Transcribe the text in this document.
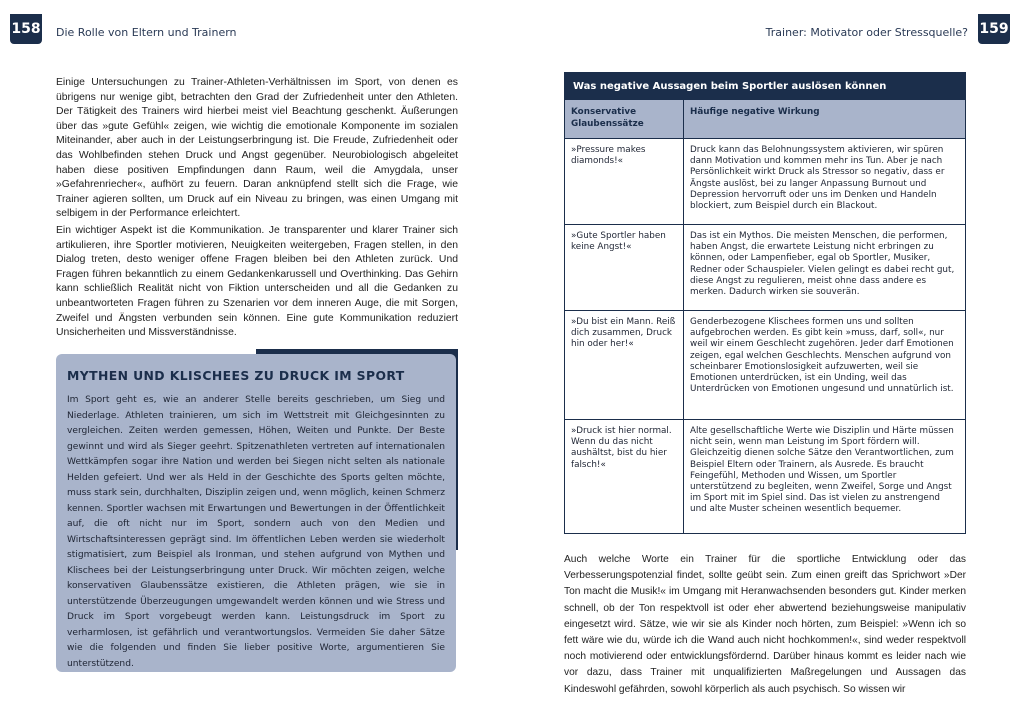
158 Die Rolle von Eltern und Trainern	Trainer: Motivator oder Stressquelle? 159

Einige Untersuchungen zu Trainer-Athleten-Verhältnissen im Sport, von denen es übrigens nur wenige gibt, betrachten den Grad der Zufriedenheit unter den Athleten. Der Tätigkeit des Trainers wird hierbei meist viel Beachtung geschenkt. Äußerungen über das »gute Gefühl« zeigen, wie wichtig die emotionale Komponente im sozialen Miteinander, aber auch in der Leistungserbringung ist. Die Freude, Zufriedenheit oder das Wohlbefinden stehen Druck und Angst gegenüber. Neurobiologisch abgeleitet haben diese positiven Empfindungen dann Raum, weil die Amygdala, unser »Gefahrenriecher«, aufhört zu feuern. Daran anknüpfend stellt sich die Frage, wie Trainer agieren sollten, um Druck auf ein Niveau zu bringen, was einen Umgang mit selbigem in der Performance erleichtert.

Ein wichtiger Aspekt ist die Kommunikation. Je transparenter und klarer Trainer sich artikulieren, ihre Sportler motivieren, Neuigkeiten weitergeben, Fragen stellen, in den Dialog treten, desto weniger offene Fragen bleiben bei den Athleten zurück. Und Fragen führen bekanntlich zu einem Gedankenkarussell und Overthinking. Das Gehirn kann schließlich Realität nicht von Fiktion unterscheiden und all die Gedanken zu unbeantworteten Fragen führen zu Szenarien vor dem inneren Auge, die mit Sorgen, Zweifel und Ängsten verbunden sein können. Eine gute Kommunikation reduziert Unsicherheiten und Missverständnisse.

MYTHEN UND KLISCHEES ZU DRUCK IM SPORT

Im Sport geht es, wie an anderer Stelle bereits geschrieben, um Sieg und Niederlage. Athleten trainieren, um sich im Wettstreit mit Gleichgesinnten zu vergleichen. Zeiten werden gemessen, Höhen, Weiten und Punkte. Der Beste gewinnt und wird als Sieger geehrt. Spitzenathleten vertreten auf internationalen Wettkämpfen sogar ihre Nation und werden bei Siegen nicht selten als nationale Helden gefeiert. Und wer als Held in der Geschichte des Sports gelten möchte, muss stark sein, durchhalten, Disziplin zeigen und, wenn möglich, keinen Schmerz kennen. Sportler wachsen mit Erwartungen und Bewertungen in der Öffentlichkeit auf, die oft nicht nur im Sport, sondern auch von den Medien und Wirtschaftsinteressen geprägt sind. Im öffentlichen Leben werden sie wiederholt stigmatisiert, zum Beispiel als Ironman, und stehen aufgrund von Mythen und Klischees bei der Leistungserbringung unter Druck. Wir möchten zeigen, welche konservativen Glaubenssätze existieren, die Athleten prägen, wie sie in unterstützende Überzeugungen umgewandelt werden können und wie Stress und Druck im Sport vorgebeugt werden kann. Leistungsdruck im Sport zu verharmlosen, ist gefährlich und verantwortungslos. Vermeiden Sie daher Sätze wie die folgenden und finden Sie lieber positive Worte, argumentieren Sie unterstützend.

Was negative Aussagen beim Sportler auslösen können
Konservative Glaubenssätze
Häufige negative Wirkung
»Pressure makes diamonds!«
Druck kann das Belohnungssystem aktivieren, wir spüren dann Motivation und kommen mehr ins Tun. Aber je nach Persönlichkeit wirkt Druck als Stressor so negativ, dass er Ängste auslöst, bei zu langer Anpassung Burnout und Depression hervorruft oder uns im Denken und Handeln blockiert, zum Beispiel durch ein Blackout.
»Gute Sportler haben keine Angst!«
Das ist ein Mythos. Die meisten Menschen, die performen, haben Angst, die erwartete Leistung nicht erbringen zu können, oder Lampenfieber, egal ob Sportler, Musiker, Redner oder Schauspieler. Vielen gelingt es dabei recht gut, diese Angst zu regulieren, meist ohne dass andere es merken. Dadurch wirken sie souverän.
»Du bist ein Mann. Reiß dich zusammen, Druck hin oder her!«
Genderbezogene Klischees formen uns und sollten aufgebrochen werden. Es gibt kein »muss, darf, soll«, nur weil wir einem Geschlecht zugehören. Jeder darf Emotionen zeigen, egal welchen Geschlechts. Menschen aufgrund von scheinbarer Emotionslosigkeit aufzuwerten, weil sie Emotionen unterdrücken, ist ein Unding, weil das Unterdrücken von Emotionen ungesund und unnatürlich ist.
»Druck ist hier normal. Wenn du das nicht aushältst, bist du hier falsch!«
Alte gesellschaftliche Werte wie Disziplin und Härte müssen nicht sein, wenn man Leistung im Sport fördern will. Gleichzeitig dienen solche Sätze den Verantwortlichen, zum Beispiel Eltern oder Trainern, als Ausrede. Es braucht Feingefühl, Methoden und Wissen, um Sportler unterstützend zu begleiten, wenn Zweifel, Sorge und Angst im Sport mit im Spiel sind. Das ist vielen zu anstrengend und alte Muster scheinen wesentlich bequemer.

Auch welche Worte ein Trainer für die sportliche Entwicklung oder das Verbesserungspotenzial findet, sollte geübt sein. Zum einen greift das Sprichwort »Der Ton macht die Musik!« im Umgang mit Heranwachsenden besonders gut. Kinder merken schnell, ob der Ton respektvoll ist oder eher abwertend beziehungsweise manipulativ eingesetzt wird. Sätze, wie wir sie als Kinder noch hörten, zum Beispiel: »Wenn ich so fett wäre wie du, würde ich die Wand auch nicht hochkommen!«, sind weder respektvoll noch motivierend oder entwicklungsfördernd. Darüber hinaus kommt es leider nach wie vor dazu, dass Trainer mit unqualifizierten Maßregelungen und Aussagen das Kindeswohl gefährden, sowohl körperlich als auch psychisch. So wissen wir
